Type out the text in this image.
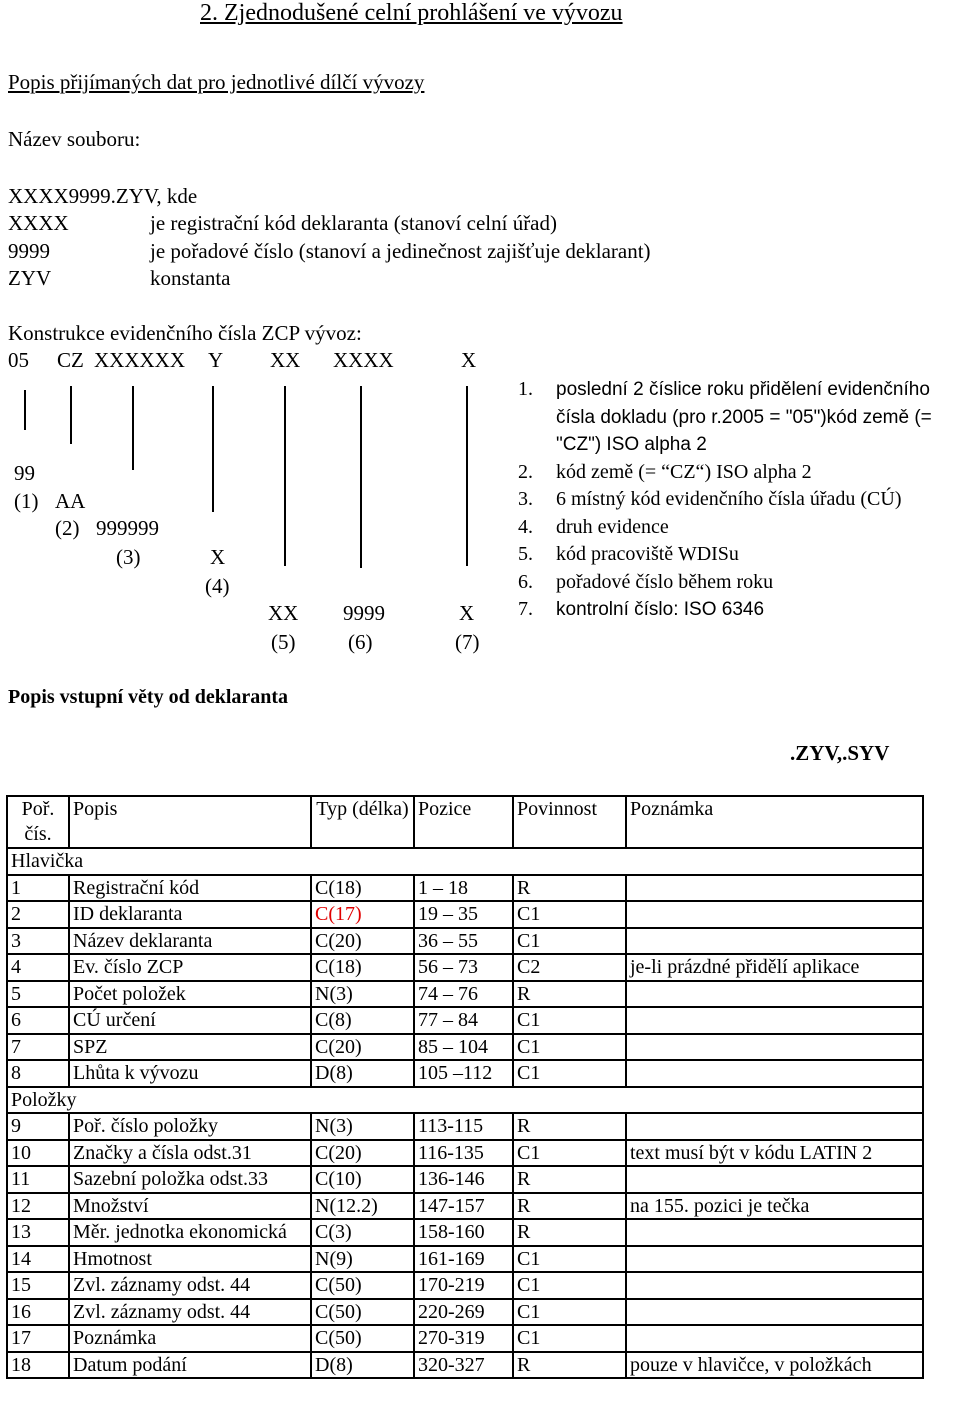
2. Zjednodušené celní prohlášení ve vývozu
Popis přijímaných dat pro jednotlivé dílčí vývozy
Název souboru:
XXXX9999.ZYV, kde
XXXX	je registrační kód deklaranta (stanoví celní úřad)
9999	je pořadové číslo (stanoví a jedinečnost zajišťuje deklarant)
ZYV	konstanta
Konstrukce evidenčního čísla ZCP vývoz:
05 CZ XXXXXX Y XX XXXX	X
99
(1) AA
(2) 999999
(3)	X
(4)
XX 9999	X
(5)	(6)	(7)
1. poslední 2 číslice roku přidělení evidenčního čísla dokladu (pro r.2005 = "05")kód země (= "CZ") ISO alpha 2
2. kód země (= “CZ“) ISO alpha 2
3. 6 místný kód evidenčního čísla úřadu (CÚ)
4. druh evidence
5. kód pracoviště WDISu
6. pořadové číslo během roku
7. kontrolní číslo: ISO 6346
Popis vstupní věty od deklaranta
.ZYV,.SYV
Poř. čís.	Popis	Typ (délka)	Pozice	Povinnost	Poznámka
Hlavička					
1	Registrační kód	C(18)	1 – 18	R	
2	ID deklaranta	C(17)	19 – 35	C1	
3	Název deklaranta	C(20)	36 – 55	C1	
4	Ev. číslo ZCP	C(18)	56 – 73	C2	je-li prázdné přidělí aplikace
5	Počet položek	N(3)	74 – 76	R	
6	CÚ určení	C(8)	77 – 84	C1	
7	SPZ	C(20)	85 – 104	C1	
8	Lhůta k vývozu	D(8)	105 –112	C1	
Položky					
9	Poř. číslo položky	N(3)	113-115	R	
10	Značky a čísla odst.31	C(20)	116-135	C1	text musí být v kódu LATIN 2
11	Sazební položka odst.33	C(10)	136-146	R	
12	Množství	N(12.2)	147-157	R	na 155. pozici je tečka
13	Měr. jednotka ekonomická	C(3)	158-160	R	
14	Hmotnost	N(9)	161-169	C1	
15	Zvl. záznamy odst. 44	C(50)	170-219	C1	
16	Zvl. záznamy odst. 44	C(50)	220-269	C1	
17	Poznámka	C(50)	270-319	C1	
18	Datum podání	D(8)	320-327	R	pouze v hlavičce, v položkách
